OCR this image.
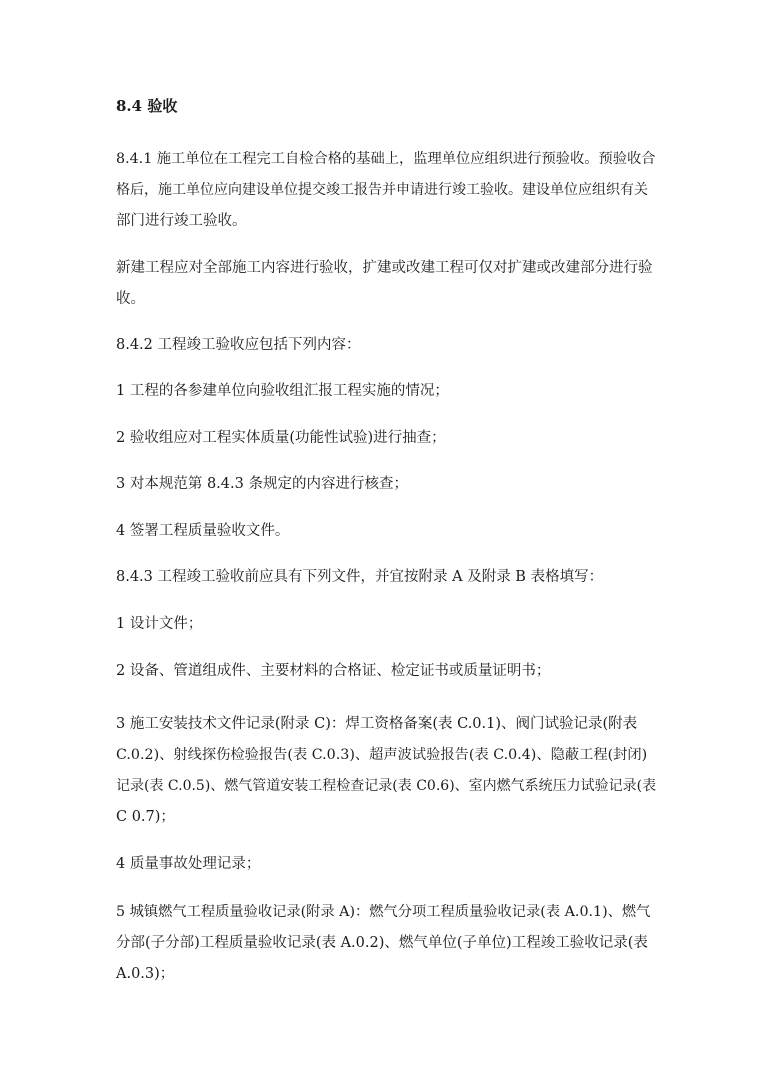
8.4 验收
8.4.1 施工单位在工程完工自检合格的基础上，监理单位应组织进行预验收。预验收合
格后，施工单位应向建设单位提交竣工报告并申请进行竣工验收。建设单位应组织有关
部门进行竣工验收。
新建工程应对全部施工内容进行验收，扩建或改建工程可仅对扩建或改建部分进行验
收。
8.4.2 工程竣工验收应包括下列内容：
1 工程的各参建单位向验收组汇报工程实施的情况；
2 验收组应对工程实体质量(功能性试验)进行抽查；
3 对本规范第 8.4.3 条规定的内容进行核查；
4 签署工程质量验收文件。
8.4.3 工程竣工验收前应具有下列文件，并宜按附录 A 及附录 B 表格填写：
1 设计文件；
2 设备、管道组成件、主要材料的合格证、检定证书或质量证明书；
3 施工安装技术文件记录(附录 C)：焊工资格备案(表 C.0.1)、阀门试验记录(附表
C.0.2)、射线探伤检验报告(表 C.0.3)、超声波试验报告(表 C.0.4)、隐蔽工程(封闭)
记录(表 C.0.5)、燃气管道安装工程检查记录(表 C0.6)、室内燃气系统压力试验记录(表
C 0.7)；
4 质量事故处理记录；
5 城镇燃气工程质量验收记录(附录 A)：燃气分项工程质量验收记录(表 A.0.1)、燃气
分部(子分部)工程质量验收记录(表 A.0.2)、燃气单位(子单位)工程竣工验收记录(表
A.0.3)；
